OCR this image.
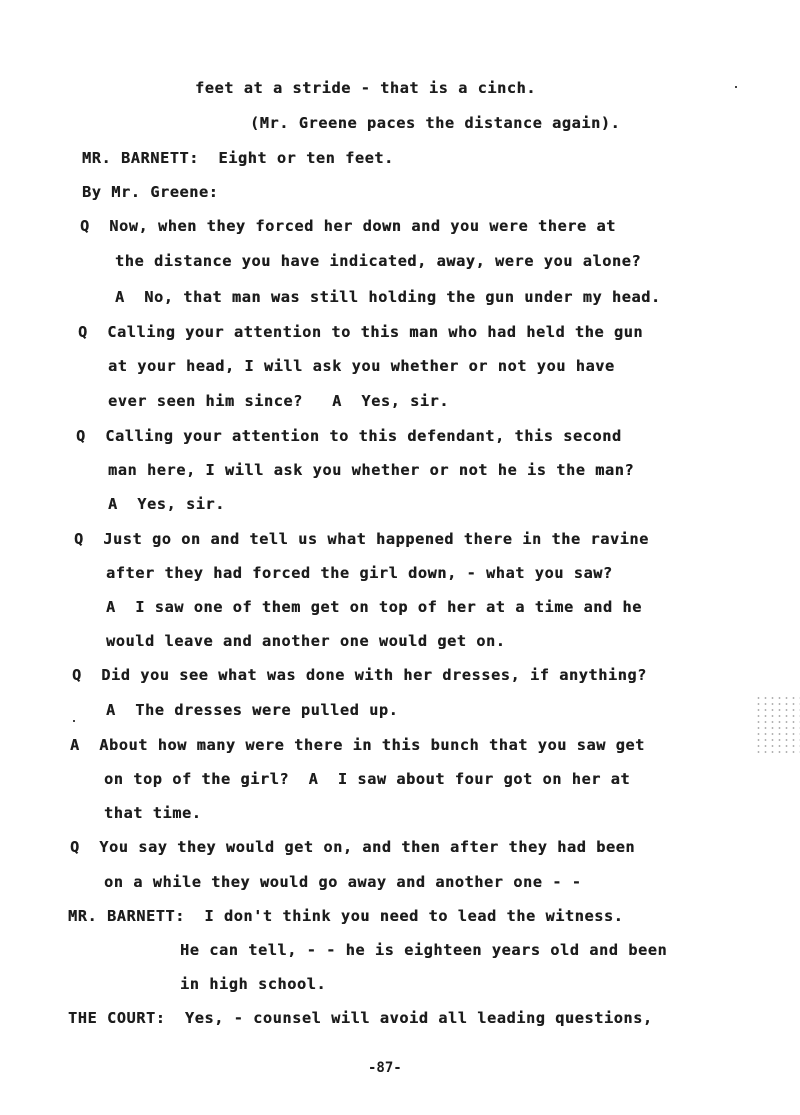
feet at a stride - that is a cinch.
(Mr. Greene paces the distance again).
MR. BARNETT:  Eight or ten feet.
By Mr. Greene:
Q  Now, when they forced her down and you were there at
the distance you have indicated, away, were you alone?
A  No, that man was still holding the gun under my head.
Q  Calling your attention to this man who had held the gun
at your head, I will ask you whether or not you have
ever seen him since?   A  Yes, sir.
Q  Calling your attention to this defendant, this second
man here, I will ask you whether or not he is the man?
A  Yes, sir.
Q  Just go on and tell us what happened there in the ravine
after they had forced the girl down, - what you saw?
A  I saw one of them get on top of her at a time and he
would leave and another one would get on.
Q  Did you see what was done with her dresses, if anything?
A  The dresses were pulled up.
A  About how many were there in this bunch that you saw get
on top of the girl?  A  I saw about four got on her at
that time.
Q  You say they would get on, and then after they had been
on a while they would go away and another one - -
MR. BARNETT:  I don't think you need to lead the witness.
He can tell, - - he is eighteen years old and been
in high school.
THE COURT:  Yes, - counsel will avoid all leading questions,
-87-
